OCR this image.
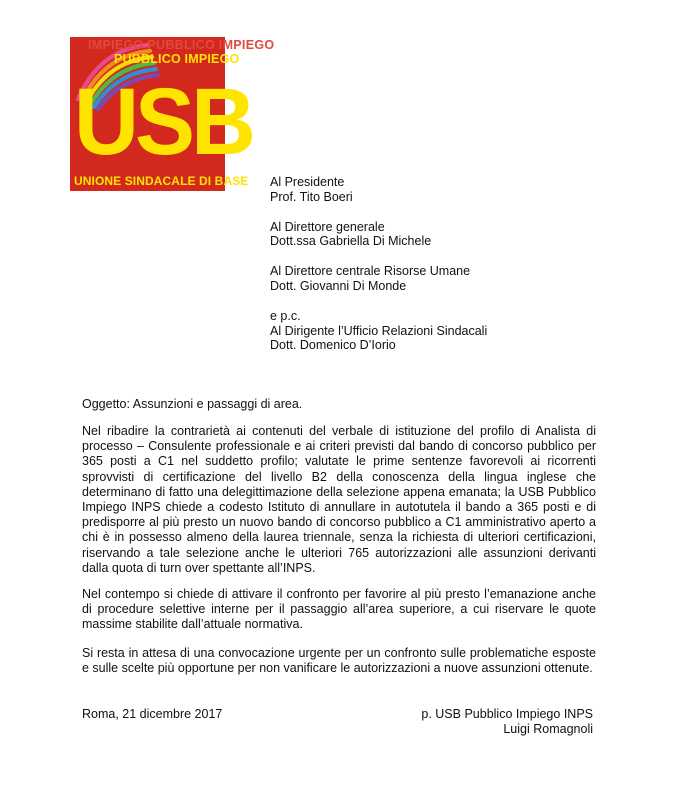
IMPIEGO PUBBLICO IMPIEGO
PUBBLICO IMPIEGO
USB
UNIONE SINDACALE DI BASE Al Presidente
Prof. Tito Boeri
Al Direttore generale
Dott.ssa Gabriella Di Michele
Al Direttore centrale Risorse Umane
Dott. Giovanni Di Monde
e p.c.
Al Dirigente l’Ufficio Relazioni Sindacali
Dott. Domenico D’Iorio
Oggetto: Assunzioni e passaggi di area.
Nel ribadire la contrarietà ai contenuti del verbale di istituzione del profilo di Analista di processo – Consulente professionale e ai criteri previsti dal bando di concorso pubblico per 365 posti a C1 nel suddetto profilo; valutate le prime sentenze favorevoli ai ricorrenti sprovvisti di certificazione del livello B2 della conoscenza della lingua inglese che determinano di fatto una delegittimazione della selezione appena emanata; la USB Pubblico Impiego INPS chiede a codesto Istituto di annullare in autotutela il bando a 365 posti e di predisporre al più presto un nuovo bando di concorso pubblico a C1 amministrativo aperto a chi è in possesso almeno della laurea triennale, senza la richiesta di ulteriori certificazioni, riservando a tale selezione anche le ulteriori 765 autorizzazioni alle assunzioni derivanti dalla quota di turn over spettante all’INPS.
Nel contempo si chiede di attivare il confronto per favorire al più presto l’emanazione anche di procedure selettive interne per il passaggio all’area superiore, a cui riservare le quote massime stabilite dall’attuale normativa.
Si resta in attesa di una convocazione urgente per un confronto sulle problematiche esposte e sulle scelte più opportune per non vanificare le autorizzazioni a nuove assunzioni ottenute.
Roma, 21 dicembre 2017	p. USB Pubblico Impiego INPS
Luigi Romagnoli
